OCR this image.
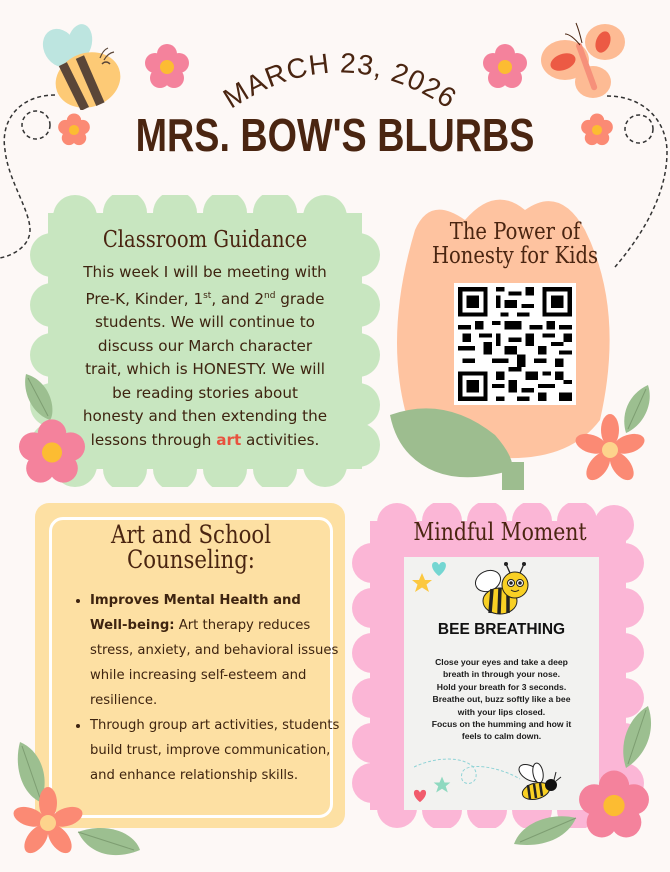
MARCH 23, 2026
MRS. BOW'S BLURBS
Classroom Guidance
This week I will be meeting with
Pre-K, Kinder, 1st, and 2nd grade
students. We will continue to
discuss our March character
trait, which is HONESTY. We will
be reading stories about
honesty and then extending the
lessons through art activities.
The Power of
Honesty for Kids
Art and School
Counseling:
• Improves Mental Health and Well-being: Art therapy reduces stress, anxiety, and behavioral issues while increasing self-esteem and resilience.
• Through group art activities, students build trust, improve communication, and enhance relationship skills.
Mindful Moment
BEE BREATHING
Close your eyes and take a deep
breath in through your nose.
Hold your breath for 3 seconds.
Breathe out, buzz softly like a bee
with your lips closed.
Focus on the humming and how it
feels to calm down.
